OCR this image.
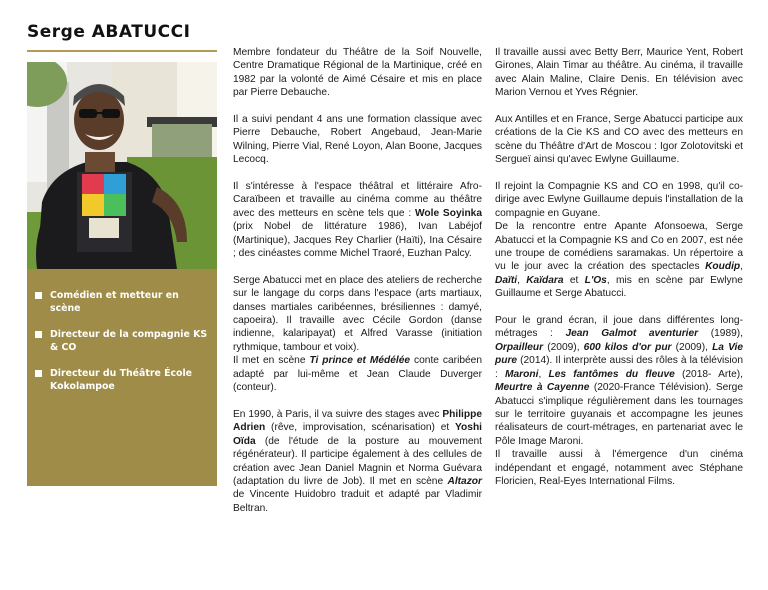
Serge ABATUCCI
Comédien et metteur en scène
Directeur de la compagnie KS & CO
Directeur du Théâtre École Kokolampoe

Membre fondateur du Théâtre de la Soif Nouvelle, Centre Dramatique Régional de la Martinique, créé en 1982 par la volonté de Aimé Césaire et mis en place par Pierre Debauche.

Il a suivi pendant 4 ans une formation classique avec Pierre Debauche, Robert Angebaud, Jean-Marie Wilning, Pierre Vial, René Loyon, Alan Boone, Jacques Lecocq.

Il s'intéresse à l'espace théâtral et littéraire Afro-Caraïbeen et travaille au cinéma comme au théâtre avec des metteurs en scène tels que : Wole Soyinka (prix Nobel de littérature 1986), Ivan Labéjof (Martinique), Jacques Rey Charlier (Haïti), Ina Césaire ; des cinéastes comme Michel Traoré, Euzhan Palcy.

Serge Abatucci met en place des ateliers de recherche sur le langage du corps dans l'espace (arts martiaux, danses martiales caribéennes, brésiliennes : damyé, capoeira). Il travaille avec Cécile Gordon (danse indienne, kalaripayat) et Alfred Varasse (initiation rythmique, tambour et voix).

Il met en scène Ti prince et Médélée conte caribéen adapté par lui-même et Jean Claude Duverger (conteur).

En 1990, à Paris, il va suivre des stages avec Philippe Adrien (rêve, improvisation, scénarisation) et Yoshi Oïda (de l'étude de la posture au mouvement régénérateur). Il participe également à des cellules de création avec Jean Daniel Magnin et Norma Guévara (adaptation du livre de Job). Il met en scène Altazor de Vincente Huidobro traduit et adapté par Vladimir Beltran.

Il travaille aussi avec Betty Berr, Maurice Yent, Robert Girones, Alain Timar au théâtre. Au cinéma, il travaille avec Alain Maline, Claire Denis. En télévision avec Marion Vernou et Yves Régnier.

Aux Antilles et en France, Serge Abatucci participe aux créations de la Cie KS and CO avec des metteurs en scène du Théâtre d'Art de Moscou : Igor Zolotovitski et Sergueï ainsi qu'avec Ewlyne Guillaume.

Il rejoint la Compagnie KS and CO en 1998, qu'il co-dirige avec Ewlyne Guillaume depuis l'installation de la compagnie en Guyane.

De la rencontre entre Apante Afonsoewa, Serge Abatucci et la Compagnie KS and Co en 2007, est née une troupe de comédiens saramakas. Un répertoire a vu le jour avec la création des spectacles Koudip, Daïti, Kaïdara et L'Os, mis en scène par Ewlyne Guillaume et Serge Abatucci.

Pour le grand écran, il joue dans différentes long-métrages : Jean Galmot aventurier (1989), Orpailleur (2009), 600 kilos d'or pur (2009), La Vie pure (2014). Il interprète aussi des rôles à la télévision : Maroni, Les fantômes du fleuve (2018- Arte), Meurtre à Cayenne (2020-France Télévision). Serge Abatucci s'implique régulièrement dans les tournages sur le territoire guyanais et accompagne les jeunes réalisateurs de court-métrages, en partenariat avec le Pôle Image Maroni.

Il travaille aussi à l'émergence d'un cinéma indépendant et engagé, notamment avec Stéphane Floricien, Real-Eyes International Films.
